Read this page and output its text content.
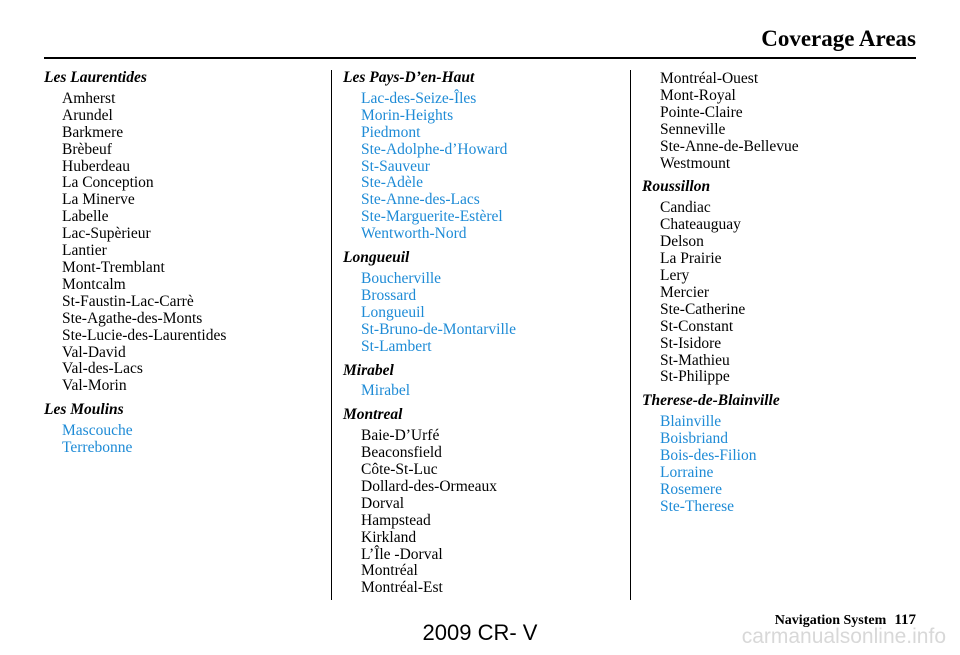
Coverage Areas
Les Laurentides
Amherst
Arundel
Barkmere
Brèbeuf
Huberdeau
La Conception
La Minerve
Labelle
Lac-Supèrieur
Lantier
Mont-Tremblant
Montcalm
St-Faustin-Lac-Carrè
Ste-Agathe-des-Monts
Ste-Lucie-des-Laurentides
Val-David
Val-des-Lacs
Val-Morin
Les Moulins
Mascouche
Terrebonne
Les Pays-D’en-Haut
Lac-des-Seize-Îles
Morin-Heights
Piedmont
Ste-Adolphe-d’Howard
St-Sauveur
Ste-Adèle
Ste-Anne-des-Lacs
Ste-Marguerite-Estèrel
Wentworth-Nord
Longueuil
Boucherville
Brossard
Longueuil
St-Bruno-de-Montarville
St-Lambert
Mirabel
Mirabel
Montreal
Baie-D’Urfé
Beaconsfield
Côte-St-Luc
Dollard-des-Ormeaux
Dorval
Hampstead
Kirkland
L’Île -Dorval
Montréal
Montréal-Est
Montréal-Ouest
Mont-Royal
Pointe-Claire
Senneville
Ste-Anne-de-Bellevue
Westmount
Roussillon
Candiac
Chateauguay
Delson
La Prairie
Lery
Mercier
Ste-Catherine
St-Constant
St-Isidore
St-Mathieu
St-Philippe
Therese-de-Blainville
Blainville
Boisbriand
Bois-des-Filion
Lorraine
Rosemere
Ste-Therese
Navigation System 117
2009 CR- V	carmanualsonline.info
